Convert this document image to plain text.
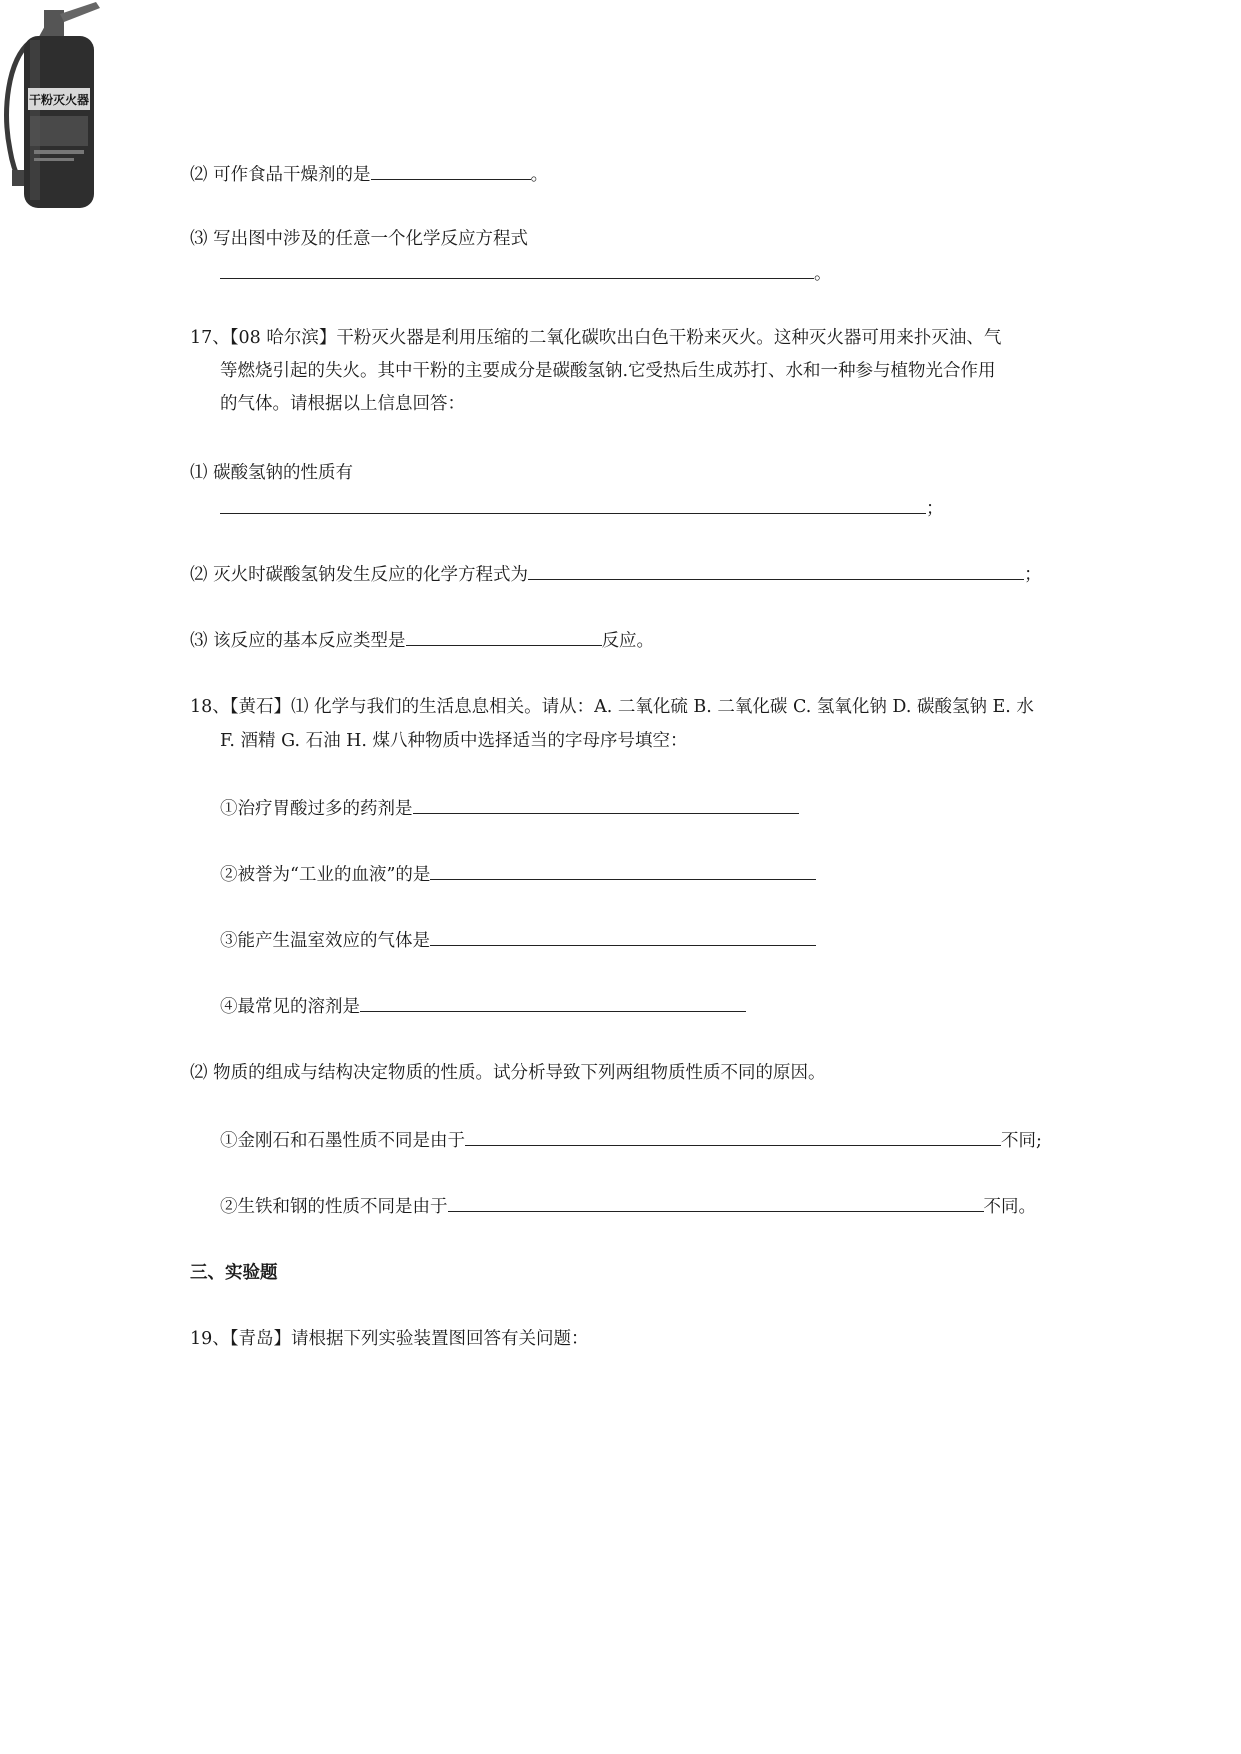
干粉灭火器
⑵ 可作食品干燥剂的是	。
⑶ 写出图中涉及的任意一个化学反应方程式
。
17、【08 哈尔滨】干粉灭火器是利用压缩的二氧化碳吹出白色干粉来灭火。这种灭火器可用来扑灭油、气
等燃烧引起的失火。其中干粉的主要成分是碳酸氢钠.它受热后生成苏打、水和一种参与植物光合作用
的气体。请根据以上信息回答：
⑴ 碳酸氢钠的性质有
；
⑵ 灭火时碳酸氢钠发生反应的化学方程式为	；
⑶ 该反应的基本反应类型是	反应。
18、【黄石】⑴ 化学与我们的生活息息相关。请从：A. 二氧化硫 B. 二氧化碳 C. 氢氧化钠 D. 碳酸氢钠 E. 水
F. 酒精 G. 石油 H. 煤八种物质中选择适当的字母序号填空：
①治疗胃酸过多的药剂是
②被誉为“工业的血液”的是
③能产生温室效应的气体是
④最常见的溶剂是
⑵ 物质的组成与结构决定物质的性质。试分析导致下列两组物质性质不同的原因。
①金刚石和石墨性质不同是由于	不同;
②生铁和钢的性质不同是由于	不同。
三、实验题
19、【青岛】请根据下列实验装置图回答有关问题：
